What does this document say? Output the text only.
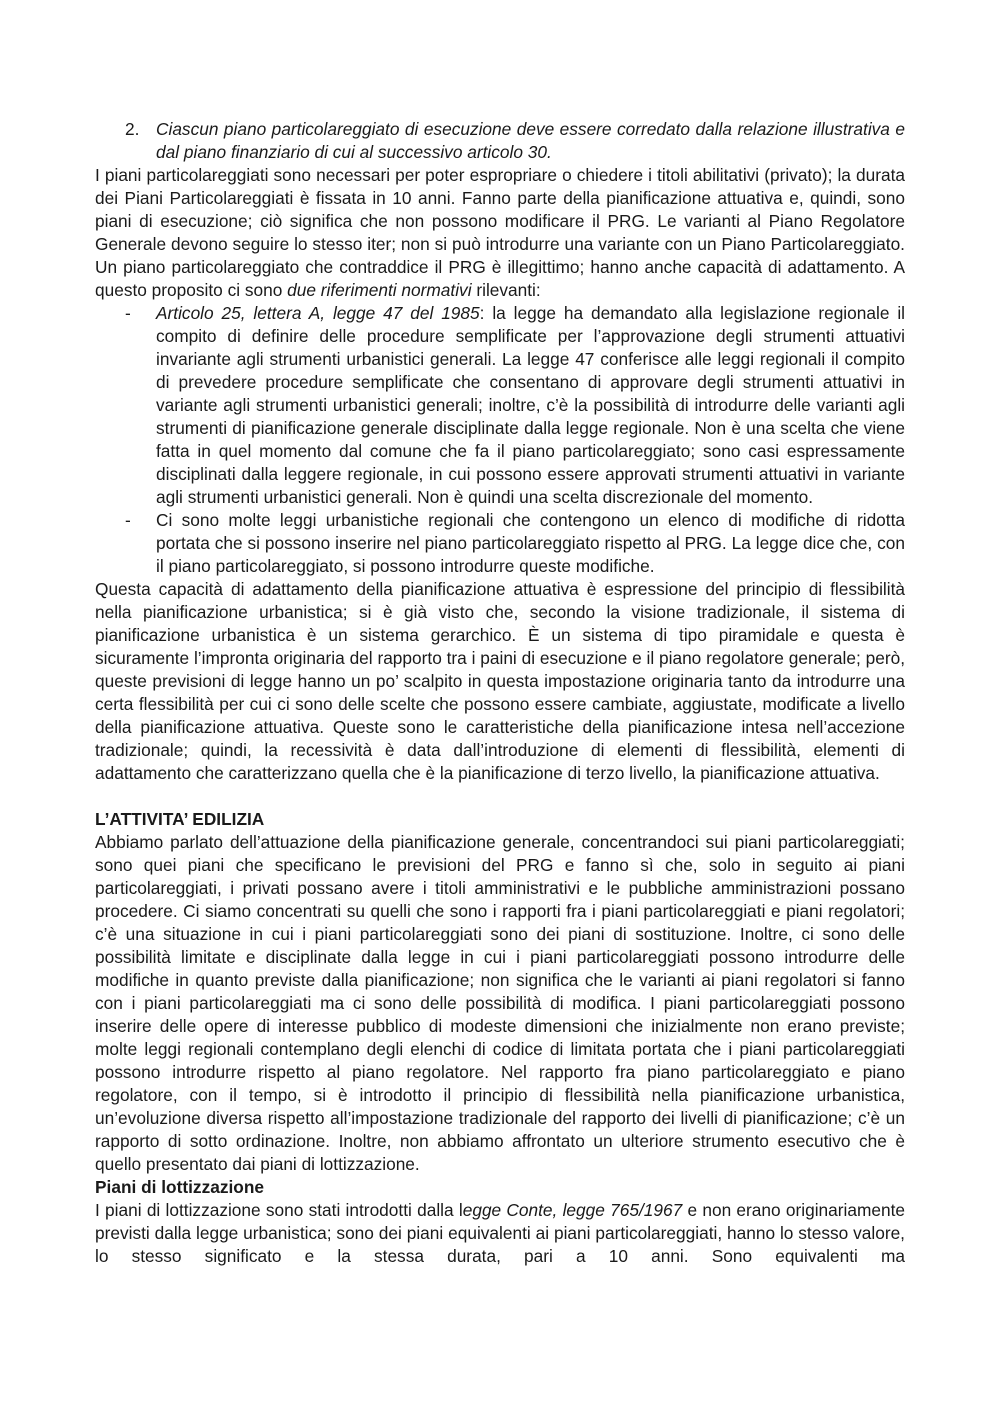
2. Ciascun piano particolareggiato di esecuzione deve essere corredato dalla relazione illustrativa e dal piano finanziario di cui al successivo articolo 30.

I piani particolareggiati sono necessari per poter espropriare o chiedere i titoli abilitativi (privato); la durata dei Piani Particolareggiati è fissata in 10 anni. Fanno parte della pianificazione attuativa e, quindi, sono piani di esecuzione; ciò significa che non possono modificare il PRG. Le varianti al Piano Regolatore Generale devono seguire lo stesso iter; non si può introdurre una variante con un Piano Particolareggiato. Un piano particolareggiato che contraddice il PRG è illegittimo; hanno anche capacità di adattamento. A questo proposito ci sono due riferimenti normativi rilevanti:

- Articolo 25, lettera A, legge 47 del 1985: la legge ha demandato alla legislazione regionale il compito di definire delle procedure semplificate per l’approvazione degli strumenti attuativi invariante agli strumenti urbanistici generali. La legge 47 conferisce alle leggi regionali il compito di prevedere procedure semplificate che consentano di approvare degli strumenti attuativi in variante agli strumenti urbanistici generali; inoltre, c’è la possibilità di introdurre delle varianti agli strumenti di pianificazione generale disciplinate dalla legge regionale. Non è una scelta che viene fatta in quel momento dal comune che fa il piano particolareggiato; sono casi espressamente disciplinati dalla leggere regionale, in cui possono essere approvati strumenti attuativi in variante agli strumenti urbanistici generali. Non è quindi una scelta discrezionale del momento.

- Ci sono molte leggi urbanistiche regionali che contengono un elenco di modifiche di ridotta portata che si possono inserire nel piano particolareggiato rispetto al PRG. La legge dice che, con il piano particolareggiato, si possono introdurre queste modifiche.

Questa capacità di adattamento della pianificazione attuativa è espressione del principio di flessibilità nella pianificazione urbanistica; si è già visto che, secondo la visione tradizionale, il sistema di pianificazione urbanistica è un sistema gerarchico. È un sistema di tipo piramidale e questa è sicuramente l’impronta originaria del rapporto tra i paini di esecuzione e il piano regolatore generale; però, queste previsioni di legge hanno un po’ scalpito in questa impostazione originaria tanto da introdurre una certa flessibilità per cui ci sono delle scelte che possono essere cambiate, aggiustate, modificate a livello della pianificazione attuativa. Queste sono le caratteristiche della pianificazione intesa nell’accezione tradizionale; quindi, la recessività è data dall’introduzione di elementi di flessibilità, elementi di adattamento che caratterizzano quella che è la pianificazione di terzo livello, la pianificazione attuativa.

L’ATTIVITA’ EDILIZIA

Abbiamo parlato dell’attuazione della pianificazione generale, concentrandoci sui piani particolareggiati; sono quei piani che specificano le previsioni del PRG e fanno sì che, solo in seguito ai piani particolareggiati, i privati possano avere i titoli amministrativi e le pubbliche amministrazioni possano procedere. Ci siamo concentrati su quelli che sono i rapporti fra i piani particolareggiati e piani regolatori; c’è una situazione in cui i piani particolareggiati sono dei piani di sostituzione. Inoltre, ci sono delle possibilità limitate e disciplinate dalla legge in cui i piani particolareggiati possono introdurre delle modifiche in quanto previste dalla pianificazione; non significa che le varianti ai piani regolatori si fanno con i piani particolareggiati ma ci sono delle possibilità di modifica. I piani particolareggiati possono inserire delle opere di interesse pubblico di modeste dimensioni che inizialmente non erano previste; molte leggi regionali contemplano degli elenchi di codice di limitata portata che i piani particolareggiati possono introdurre rispetto al piano regolatore. Nel rapporto fra piano particolareggiato e piano regolatore, con il tempo, si è introdotto il principio di flessibilità nella pianificazione urbanistica, un’evoluzione diversa rispetto all’impostazione tradizionale del rapporto dei livelli di pianificazione; c’è un rapporto di sotto ordinazione. Inoltre, non abbiamo affrontato un ulteriore strumento esecutivo che è quello presentato dai piani di lottizzazione.

Piani di lottizzazione

I piani di lottizzazione sono stati introdotti dalla legge Conte, legge 765/1967 e non erano originariamente previsti dalla legge urbanistica; sono dei piani equivalenti ai piani particolareggiati, hanno lo stesso valore, lo stesso significato e la stessa durata, pari a 10 anni. Sono equivalenti ma
